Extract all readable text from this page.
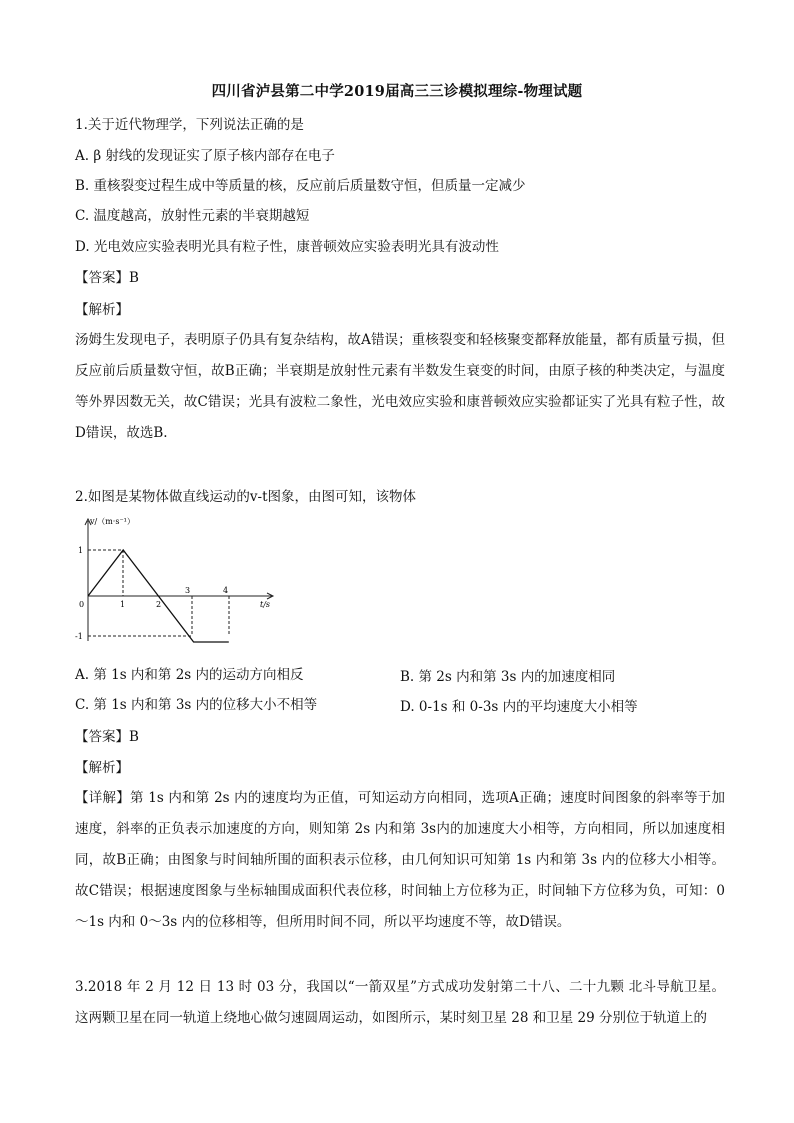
四川省泸县第二中学2019届高三三诊模拟理综-物理试题
1.关于近代物理学，下列说法正确的是
A. β 射线的发现证实了原子核内部存在电子
B. 重核裂变过程生成中等质量的核，反应前后质量数守恒，但质量一定减少
C. 温度越高，放射性元素的半衰期越短
D. 光电效应实验表明光具有粒子性，康普顿效应实验表明光具有波动性
【答案】B
【解析】
汤姆生发现电子，表明原子仍具有复杂结构，故A错误；重核裂变和轻核聚变都释放能量，都有质量亏损，但反应前后质量数守恒，故B正确；半衰期是放射性元素有半数发生衰变的时间，由原子核的种类决定，与温度等外界因数无关，故C错误；光具有波粒二象性，光电效应实验和康普顿效应实验都证实了光具有粒子性，故D错误，故选B.
2.如图是某物体做直线运动的v-t图象，由图可知，该物体
v/（m·s⁻¹）
t/s
0	1	2
3	4
1
-1
A. 第 1s 内和第 2s 内的运动方向相反	B. 第 2s 内和第 3s 内的加速度相同
C. 第 1s 内和第 3s 内的位移大小不相等	D. 0-1s 和 0-3s 内的平均速度大小相等
【答案】B
【解析】
【详解】第 1s 内和第 2s 内的速度均为正值，可知运动方向相同，选项A正确；速度时间图象的斜率等于加速度，斜率的正负表示加速度的方向，则知第 2s 内和第 3s内的加速度大小相等，方向相同，所以加速度相同，故B正确；由图象与时间轴所围的面积表示位移，由几何知识可知第 1s 内和第 3s 内的位移大小相等。故C错误；根据速度图象与坐标轴围成面积代表位移，时间轴上方位移为正，时间轴下方位移为负，可知：0～1s 内和 0～3s 内的位移相等，但所用时间不同，所以平均速度不等，故D错误。
3.2018 年 2 月 12 日 13 时 03 分，我国以“一箭双星”方式成功发射第二十八、二十九颗 北斗导航卫星。这两颗卫星在同一轨道上绕地心做匀速圆周运动，如图所示，某时刻卫星 28 和卫星 29 分别位于轨道上的
